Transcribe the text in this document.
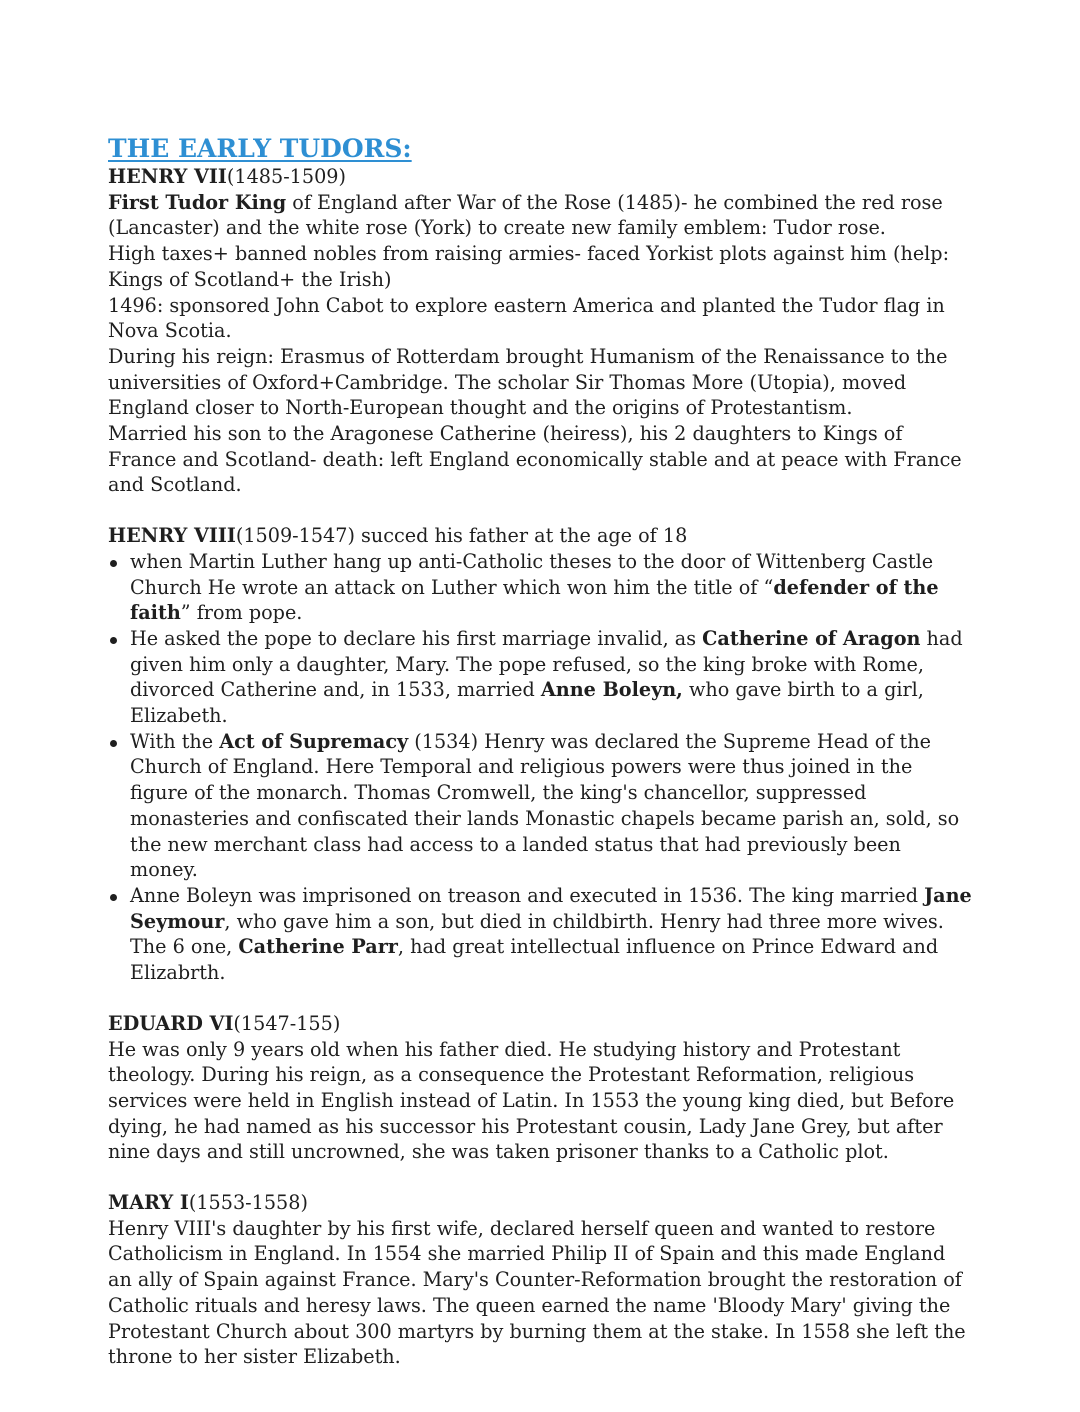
THE EARLY TUDORS:

HENRY VII(1485-1509)

First Tudor King of England after War of the Rose (1485)- he combined the red rose (Lancaster) and the white rose (York) to create new family emblem: Tudor rose.

High taxes+ banned nobles from raising armies- faced Yorkist plots against him (help: Kings of Scotland+ the Irish)

1496: sponsored John Cabot to explore eastern America and planted the Tudor flag in Nova Scotia.

During his reign: Erasmus of Rotterdam brought Humanism of the Renaissance to the universities of Oxford+Cambridge. The scholar Sir Thomas More (Utopia), moved England closer to North-European thought and the origins of Protestantism.

Married his son to the Aragonese Catherine (heiress), his 2 daughters to Kings of France and Scotland- death: left England economically stable and at peace with France and Scotland.

HENRY VIII(1509-1547) succed his father at the age of 18

when Martin Luther hang up anti-Catholic theses to the door of Wittenberg Castle Church He wrote an attack on Luther which won him the title of “defender of the faith” from pope.
He asked the pope to declare his first marriage invalid, as Catherine of Aragon had given him only a daughter, Mary. The pope refused, so the king broke with Rome, divorced Catherine and, in 1533, married Anne Boleyn, who gave birth to a girl, Elizabeth.
With the Act of Supremacy (1534) Henry was declared the Supreme Head of the Church of England. Here Temporal and religious powers were thus joined in the figure of the monarch. Thomas Cromwell, the king's chancellor, suppressed monasteries and confiscated their lands Monastic chapels became parish an, sold, so the new merchant class had access to a landed status that had previously been money.
Anne Boleyn was imprisoned on treason and executed in 1536. The king married Jane Seymour, who gave him a son, but died in childbirth. Henry had three more wives. The 6 one, Catherine Parr, had great intellectual influence on Prince Edward and Elizabrth.

EDUARD VI(1547-155)

He was only 9 years old when his father died. He studying history and Protestant theology. During his reign, as a consequence the Protestant Reformation, religious services were held in English instead of Latin. In 1553 the young king died, but Before dying, he had named as his successor his Protestant cousin, Lady Jane Grey, but after nine days and still uncrowned, she was taken prisoner thanks to a Catholic plot.

MARY I(1553-1558)

Henry VIII's daughter by his first wife, declared herself queen and wanted to restore Catholicism in England. In 1554 she married Philip II of Spain and this made England an ally of Spain against France. Mary's Counter-Reformation brought the restoration of Catholic rituals and heresy laws. The queen earned the name 'Bloody Mary' giving the Protestant Church about 300 martyrs by burning them at the stake. In 1558 she left the throne to her sister Elizabeth.
